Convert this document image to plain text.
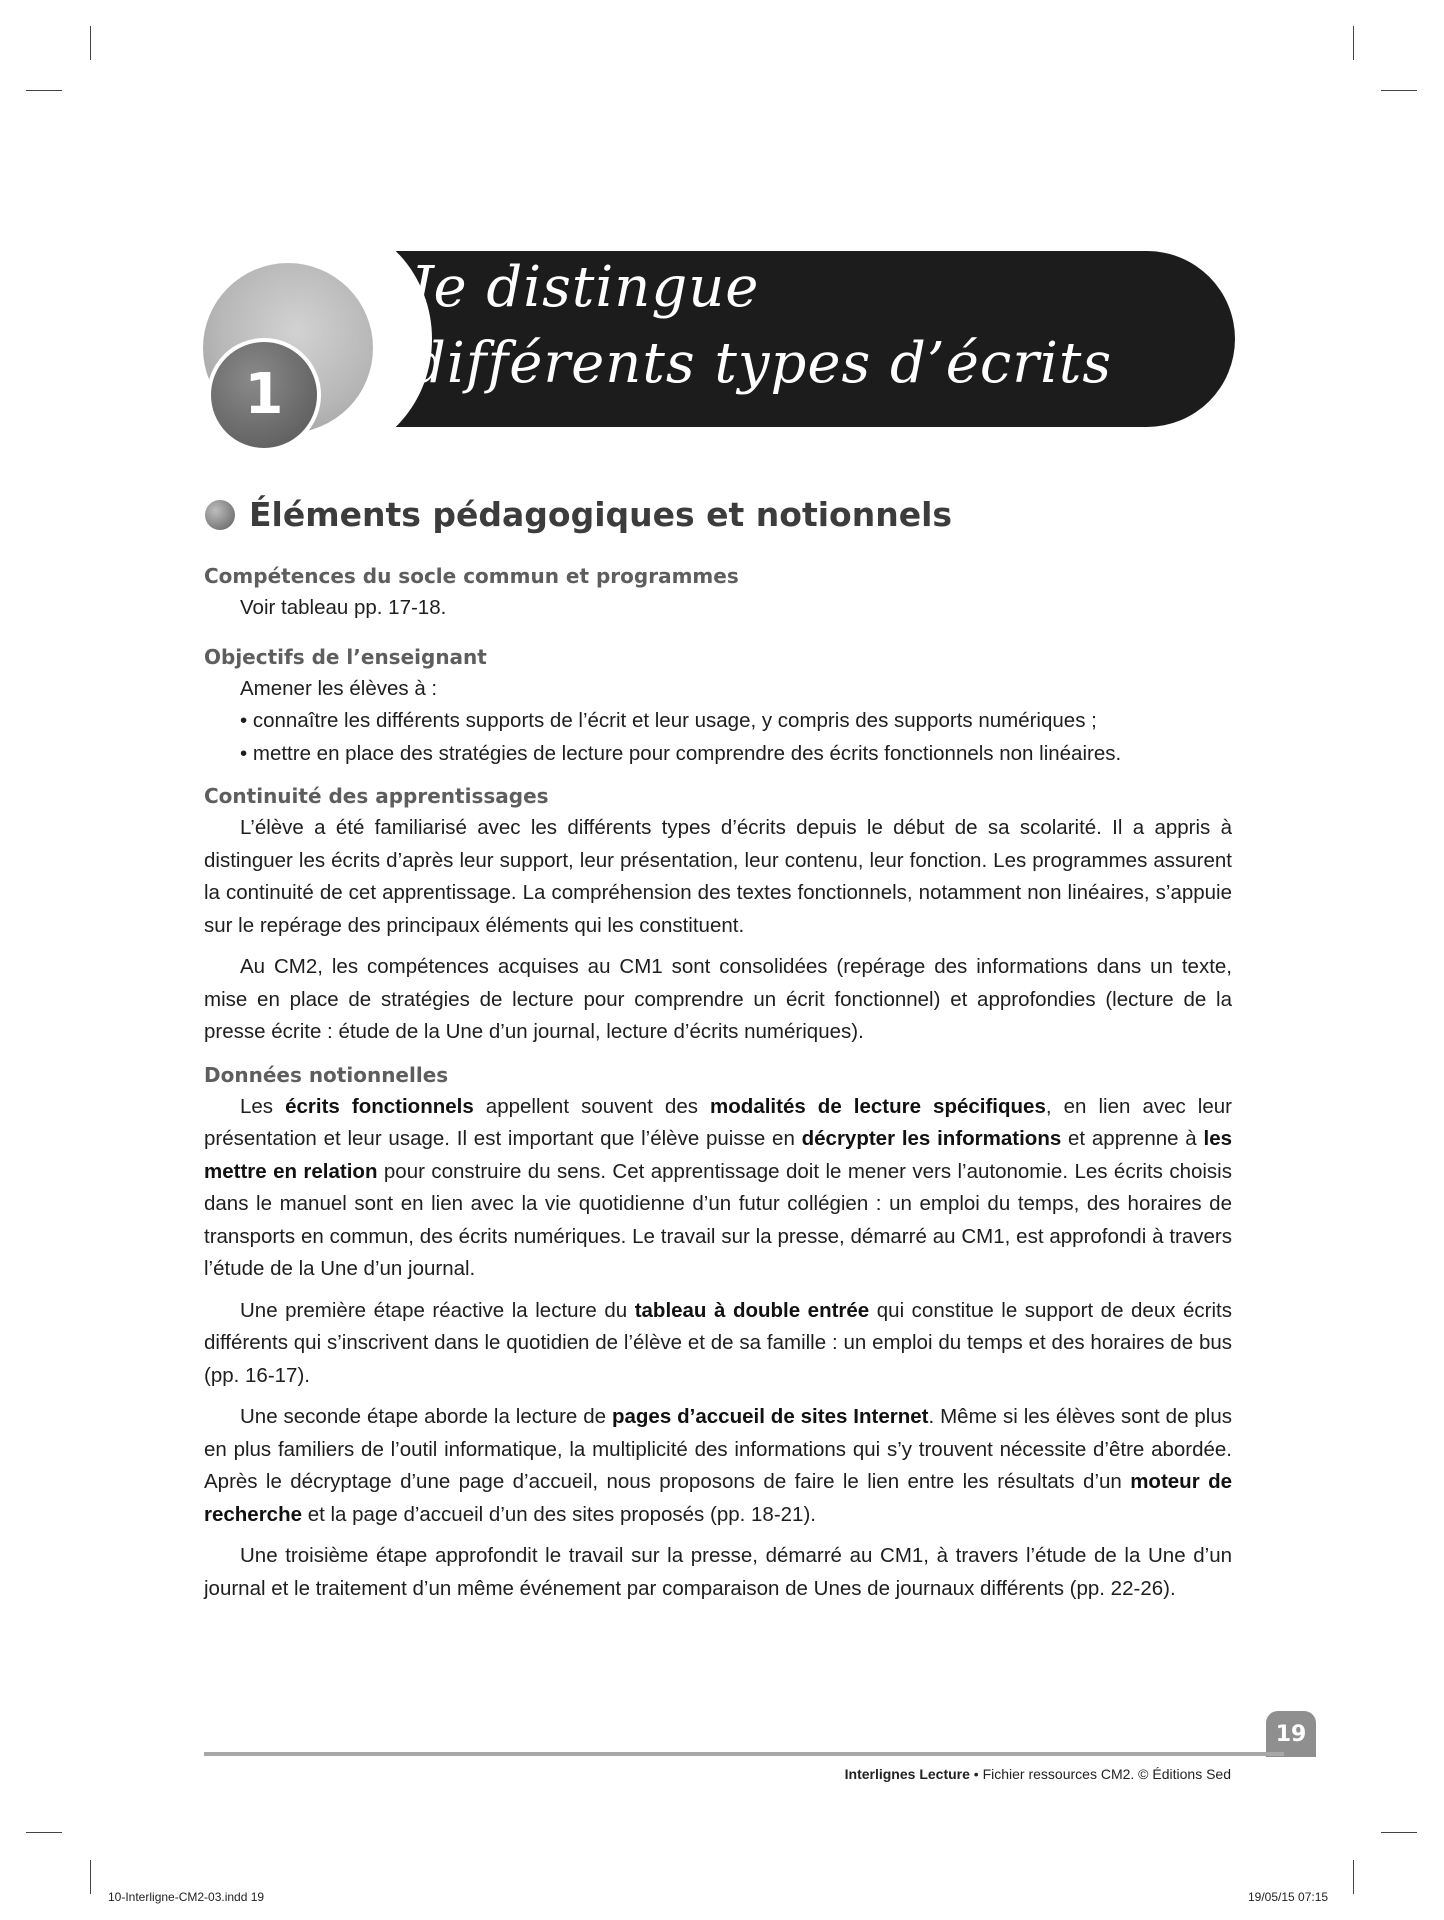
1
Je distingue
différents types d’écrits
Éléments pédagogiques et notionnels
Compétences du socle commun et programmes

Voir tableau pp. 17-18.

Objectifs de l’enseignant

Amener les élèves à :

• connaître les différents supports de l’écrit et leur usage, y compris des supports numériques ;

• mettre en place des stratégies de lecture pour comprendre des écrits fonctionnels non linéaires.

Continuité des apprentissages

L’élève a été familiarisé avec les différents types d’écrits depuis le début de sa scolarité. Il a appris à distinguer les écrits d’après leur support, leur présentation, leur contenu, leur fonction. Les programmes assurent la continuité de cet apprentissage. La compréhension des textes fonctionnels, notamment non linéaires, s’appuie sur le repérage des principaux éléments qui les constituent.

Au CM2, les compétences acquises au CM1 sont consolidées (repérage des informations dans un texte, mise en place de stratégies de lecture pour comprendre un écrit fonctionnel) et approfondies (lecture de la presse écrite : étude de la Une d’un journal, lecture d’écrits numériques).

Données notionnelles

Les écrits fonctionnels appellent souvent des modalités de lecture spécifiques, en lien avec leur présentation et leur usage. Il est important que l’élève puisse en décrypter les informations et apprenne à les mettre en relation pour construire du sens. Cet apprentissage doit le mener vers l’autonomie. Les écrits choisis dans le manuel sont en lien avec la vie quotidienne d’un futur collégien : un emploi du temps, des horaires de transports en commun, des écrits numériques. Le travail sur la presse, démarré au CM1, est approfondi à travers l’étude de la Une d’un journal.

Une première étape réactive la lecture du tableau à double entrée qui constitue le support de deux écrits différents qui s’inscrivent dans le quotidien de l’élève et de sa famille : un emploi du temps et des horaires de bus (pp. 16-17).

Une seconde étape aborde la lecture de pages d’accueil de sites Internet. Même si les élèves sont de plus en plus familiers de l’outil informatique, la multiplicité des informations qui s’y trouvent nécessite d’être abordée. Après le décryptage d’une page d’accueil, nous proposons de faire le lien entre les résultats d’un moteur de recherche et la page d’accueil d’un des sites proposés (pp. 18-21).

Une troisième étape approfondit le travail sur la presse, démarré au CM1, à travers l’étude de la Une d’un journal et le traitement d’un même événement par comparaison de Unes de journaux différents (pp. 22-26).

19
Interlignes Lecture • Fichier ressources CM2. © Éditions Sed
10-Interligne-CM2-03.indd 19	19/05/15 07:15
